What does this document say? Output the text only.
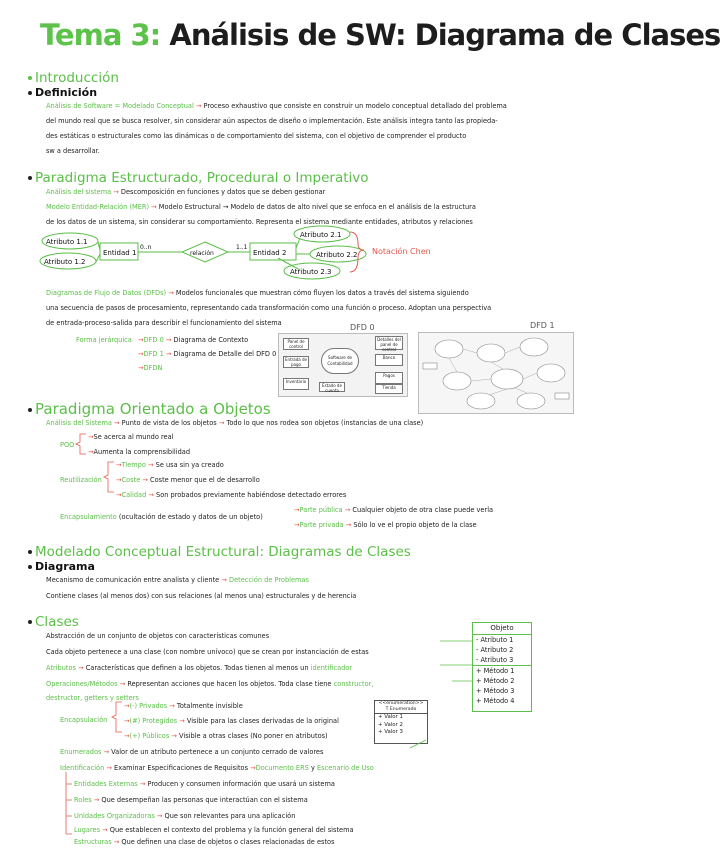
Tema 3: Análisis de SW: Diagrama de Clases
Introducción
Definición
Análisis de Software = Modelado Conceptual → Proceso exhaustivo que consiste en construir un modelo conceptual detallado del problema
del mundo real que se busca resolver, sin considerar aún aspectos de diseño o implementación. Este análisis integra tanto las propieda-
des estáticas o estructurales como las dinámicas o de comportamiento del sistema, con el objetivo de comprender el producto
sw a desarrollar.
Paradigma Estructurado, Procedural o Imperativo
Análisis del sistema → Descomposición en funciones y datos que se deben gestionar
Modelo Entidad-Relación (MER) → Modelo Estructural → Modelo de datos de alto nivel que se enfoca en el análisis de la estructura
de los datos de un sistema, sin considerar su comportamiento. Representa el sistema mediante entidades, atributos y relaciones
Atributo 1.1
Atributo 1.2
Entidad 1
0..n
relación
1..1
Entidad 2
Atributo 2.1
Atributo 2.2
Atributo 2.3
Notación Chen
Diagramas de Flujo de Datos (DFDs) → Modelos funcionales que muestran cómo fluyen los datos a través del sistema siguiendo
una secuencia de pasos de procesamiento, representando cada transformación como una función o proceso. Adoptan una perspectiva
de entrada-proceso-salida para describir el funcionamiento del sistema
Forma jerárquica →DFD 0 → Diagrama de Contexto
→DFD 1 → Diagrama de Detalle del DFD 0
→DFDN
DFD 0
Panel de control
Detalles del panel de control
Banco
Entrada de pago
Software de Contabilidad
Pagos
Inventario
Estado de cuenta
Tienda
DFD 1
Paradigma Orientado a Objetos
Análisis del Sistema → Punto de vista de los objetos → Todo lo que nos rodea son objetos (instancias de una clase)
POO
→Se acerca al mundo real
→Aumenta la comprensibilidad
Reutilización
→Tiempo → Se usa sin ya creado
→Coste → Coste menor que el de desarrollo
→Calidad → Son probados previamente habiéndose detectado errores
Encapsulamiento (ocultación de estado y datos de un objeto)
→Parte pública → Cualquier objeto de otra clase puede verla
→Parte privada → Sólo lo ve el propio objeto de la clase
Modelado Conceptual Estructural: Diagramas de Clases
Diagrama
Mecanismo de comunicación entre analista y cliente → Detección de Problemas
Contiene clases (al menos dos) con sus relaciones (al menos una) estructurales y de herencia
Clases
Abstracción de un conjunto de objetos con características comunes
Cada objeto pertenece a una clase (con nombre unívoco) que se crean por instanciación de estas
Atributos → Características que definen a los objetos. Todas tienen al menos un identificador
Operaciones/Métodos → Representan acciones que hacen los objetos. Toda clase tiene constructor,
destructor, getters y setters
Encapsulación
→(-) Privados → Totalmente invisible
→(#) Protegidos → Visible para las clases derivadas de la original
→(+) Públicos → Visible a otras clases (No poner en atributos)
Enumerados → Valor de un atributo pertenece a un conjunto cerrado de valores
Identificación → Examinar Especificaciones de Requisitos →Documento ERS y Escenario de Uso
Entidades Externas → Producen y consumen información que usará un sistema
Roles → Que desempeñan las personas que interactúan con el sistema
Unidades Organizadoras → Que son relevantes para una aplicación
Lugares → Que establecen el contexto del problema y la función general del sistema
Estructuras → Que definen una clase de objetos o clases relacionadas de estos
Objeto
- Atributo 1
- Atributo 2
- Atributo 3
+ Método 1
+ Método 2
+ Método 3
+ Método 4
<<enumeration>>
T Enumerado
+ Valor 1
+ Valor 2
+ Valor 3
